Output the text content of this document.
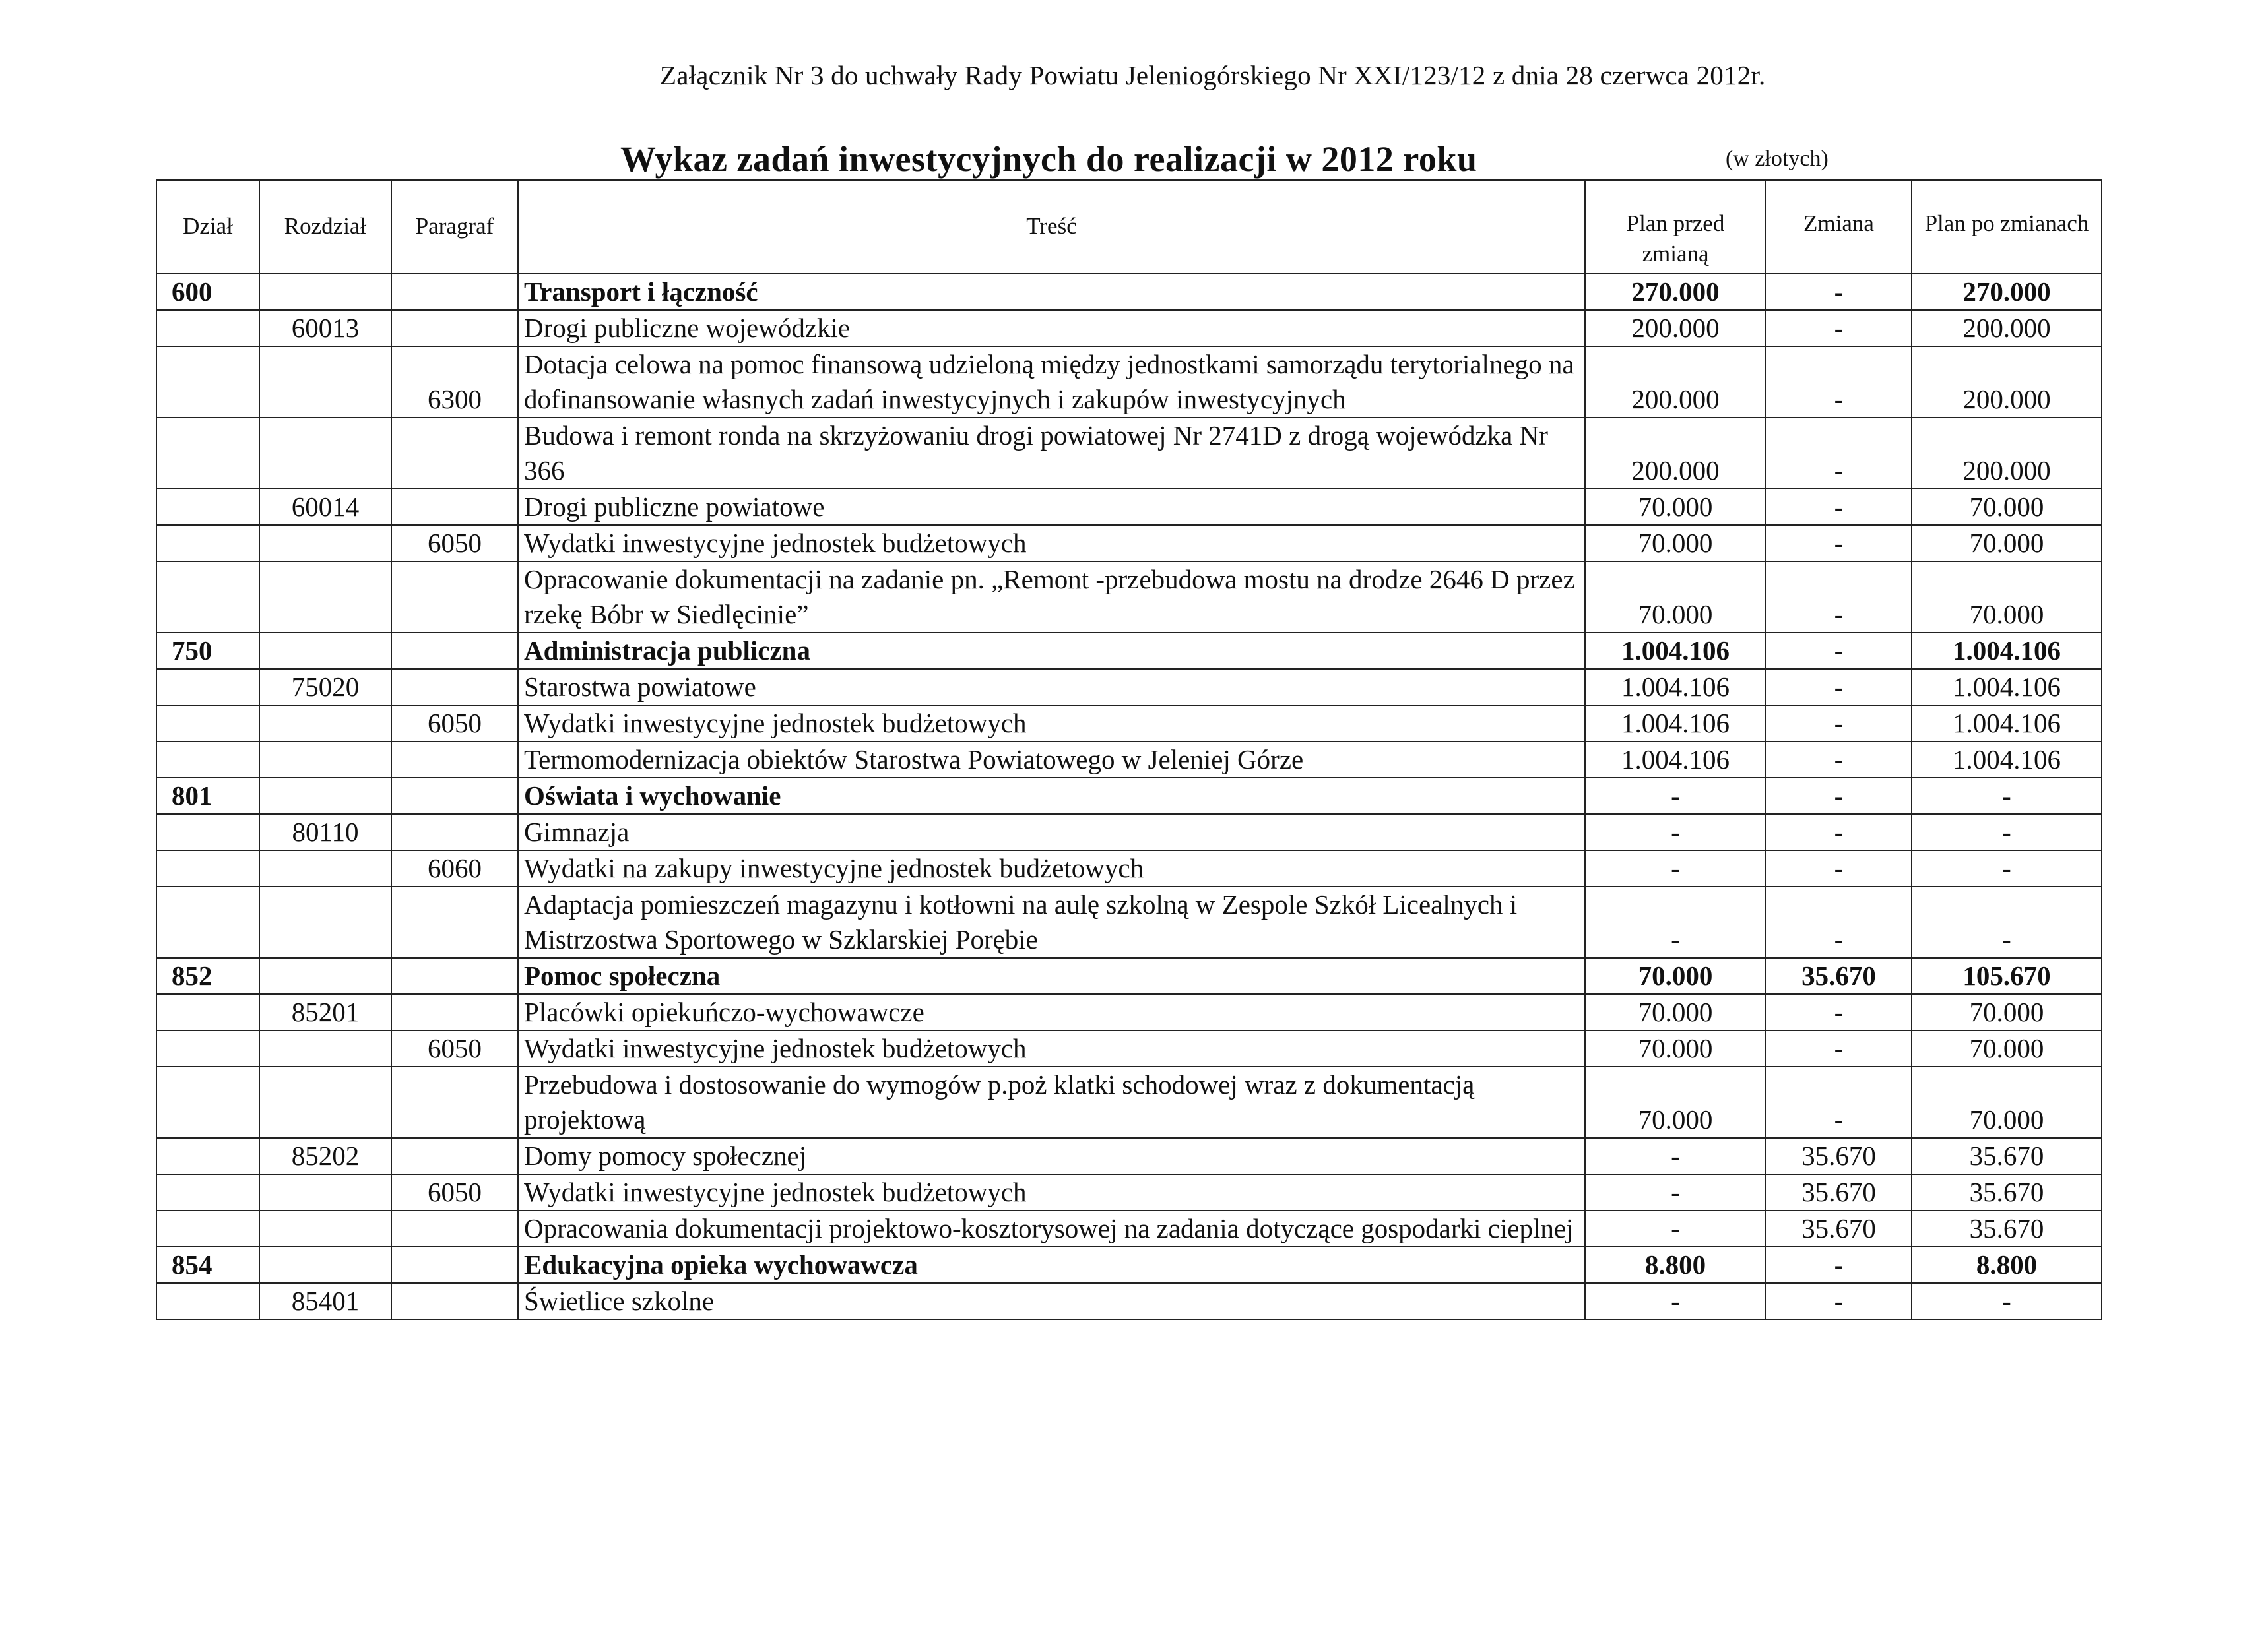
Załącznik Nr 3 do uchwały Rady Powiatu Jeleniogórskiego Nr XXI/123/12 z dnia 28 czerwca 2012r.
Wykaz zadań inwestycyjnych do realizacji w 2012 roku	(w złotych)
Dział	Rozdział	Paragraf	Treść	Plan przed zmianą	Zmiana	Plan po zmianach
600			Transport i łączność	270.000	-	270.000
	60013		Drogi publiczne wojewódzkie	200.000	-	200.000
		6300	Dotacja celowa na pomoc finansową udzieloną między jednostkami samorządu terytorialnego na dofinansowanie własnych zadań inwestycyjnych i zakupów inwestycyjnych	200.000	-	200.000
			Budowa i remont ronda na skrzyżowaniu drogi powiatowej Nr 2741D z drogą wojewódzka Nr 366	200.000	-	200.000
	60014		Drogi publiczne powiatowe	70.000	-	70.000
		6050	Wydatki inwestycyjne jednostek budżetowych	70.000	-	70.000
			Opracowanie dokumentacji na zadanie pn. „Remont -przebudowa mostu na drodze 2646 D przez rzekę Bóbr w Siedlęcinie”	70.000	-	70.000
750			Administracja publiczna	1.004.106	-	1.004.106
	75020		Starostwa powiatowe	1.004.106	-	1.004.106
		6050	Wydatki inwestycyjne jednostek budżetowych	1.004.106	-	1.004.106
			Termomodernizacja obiektów Starostwa Powiatowego w Jeleniej Górze	1.004.106	-	1.004.106
801			Oświata i wychowanie	-	-	-
	80110		Gimnazja	-	-	-
		6060	Wydatki na zakupy inwestycyjne jednostek budżetowych	-	-	-
			Adaptacja pomieszczeń magazynu i kotłowni na aulę szkolną w Zespole Szkół Licealnych i Mistrzostwa Sportowego w Szklarskiej Porębie	-	-	-
852			Pomoc społeczna	70.000	35.670	105.670
	85201		Placówki opiekuńczo-wychowawcze	70.000	-	70.000
		6050	Wydatki inwestycyjne jednostek budżetowych	70.000	-	70.000
			Przebudowa i dostosowanie do wymogów p.poż klatki schodowej wraz z dokumentacją projektową	70.000	-	70.000
	85202		Domy pomocy społecznej	-	35.670	35.670
		6050	Wydatki inwestycyjne jednostek budżetowych	-	35.670	35.670
			Opracowania dokumentacji projektowo-kosztorysowej na zadania dotyczące gospodarki cieplnej	-	35.670	35.670
854			Edukacyjna opieka wychowawcza	8.800	-	8.800
	85401		Świetlice szkolne	-	-	-
